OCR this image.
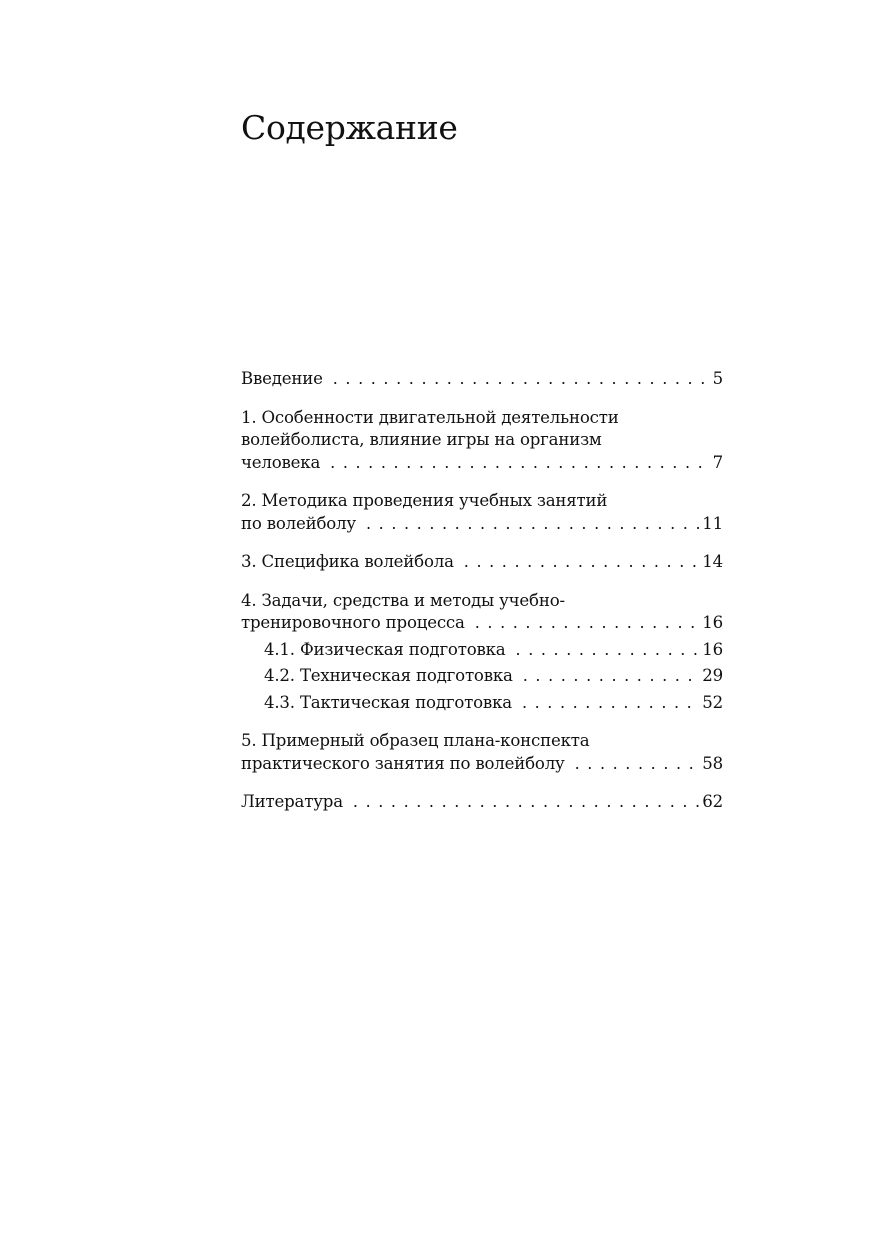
Содержание
Введение . . .	5
1. Особенности двигательной деятельности
волейболиста, влияние игры на организм
человека . . .	7
2. Методика проведения учебных занятий
по волейболу . . .	11
3. Специфика волейбола . . .	14
4. Задачи, средства и методы учебно-
тренировочного процесса . . .	16
4.1. Физическая подготовка . . .	16
4.2. Техническая подготовка . . .	29
4.3. Тактическая подготовка . . .	52
5. Примерный образец плана-конспекта
практического занятия по волейболу . . .	58
Литература . . .	62
